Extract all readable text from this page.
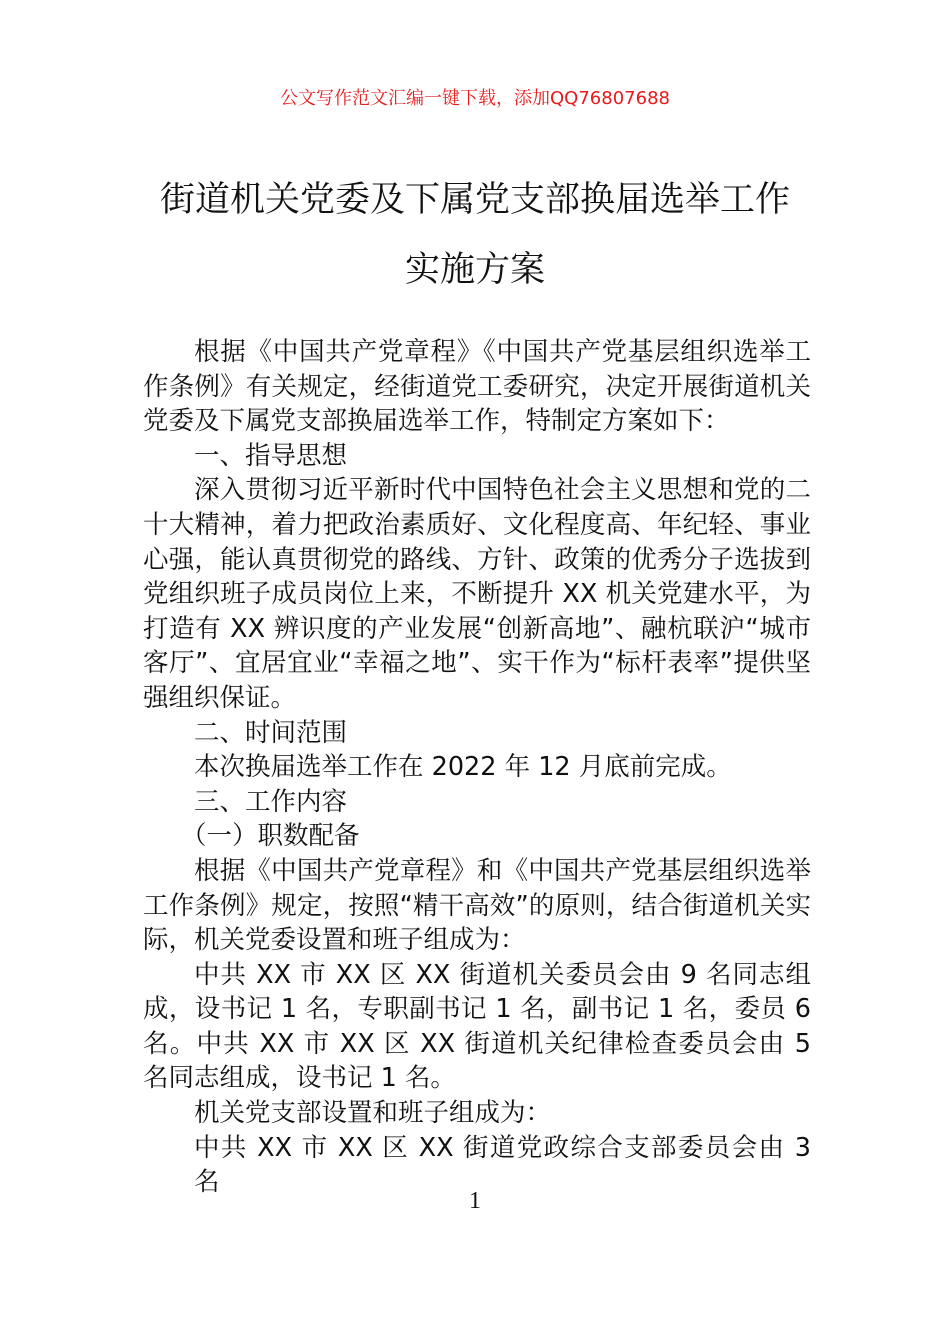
公文写作范文汇编一键下载，添加QQ76807688
街道机关党委及下属党支部换届选举工作
实施方案

根据《中国共产党章程》《中国共产党基层组织选举工作条例》有关规定，经街道党工委研究，决定开展街道机关党委及下属党支部换届选举工作，特制定方案如下：

一、指导思想

深入贯彻习近平新时代中国特色社会主义思想和党的二十大精神，着力把政治素质好、文化程度高、年纪轻、事业心强，能认真贯彻党的路线、方针、政策的优秀分子选拔到党组织班子成员岗位上来，不断提升 XX 机关党建水平，为打造有 XX 辨识度的产业发展“创新高地”、融杭联沪“城市客厅”、宜居宜业“幸福之地”、实干作为“标杆表率”提供坚强组织保证。

二、时间范围

本次换届选举工作在 2022 年 12 月底前完成。

三、工作内容

（一）职数配备

根据《中国共产党章程》和《中国共产党基层组织选举工作条例》规定，按照“精干高效”的原则，结合街道机关实际，机关党委设置和班子组成为：

中共 XX 市 XX 区 XX 街道机关委员会由 9 名同志组成，设书记 1 名，专职副书记 1 名，副书记 1 名，委员 6 名。中共 XX 市 XX 区 XX 街道机关纪律检查委员会由 5 名同志组成，设书记 1 名。

机关党支部设置和班子组成为：

中共 XX 市 XX 区 XX 街道党政综合支部委员会由 3 名

1
